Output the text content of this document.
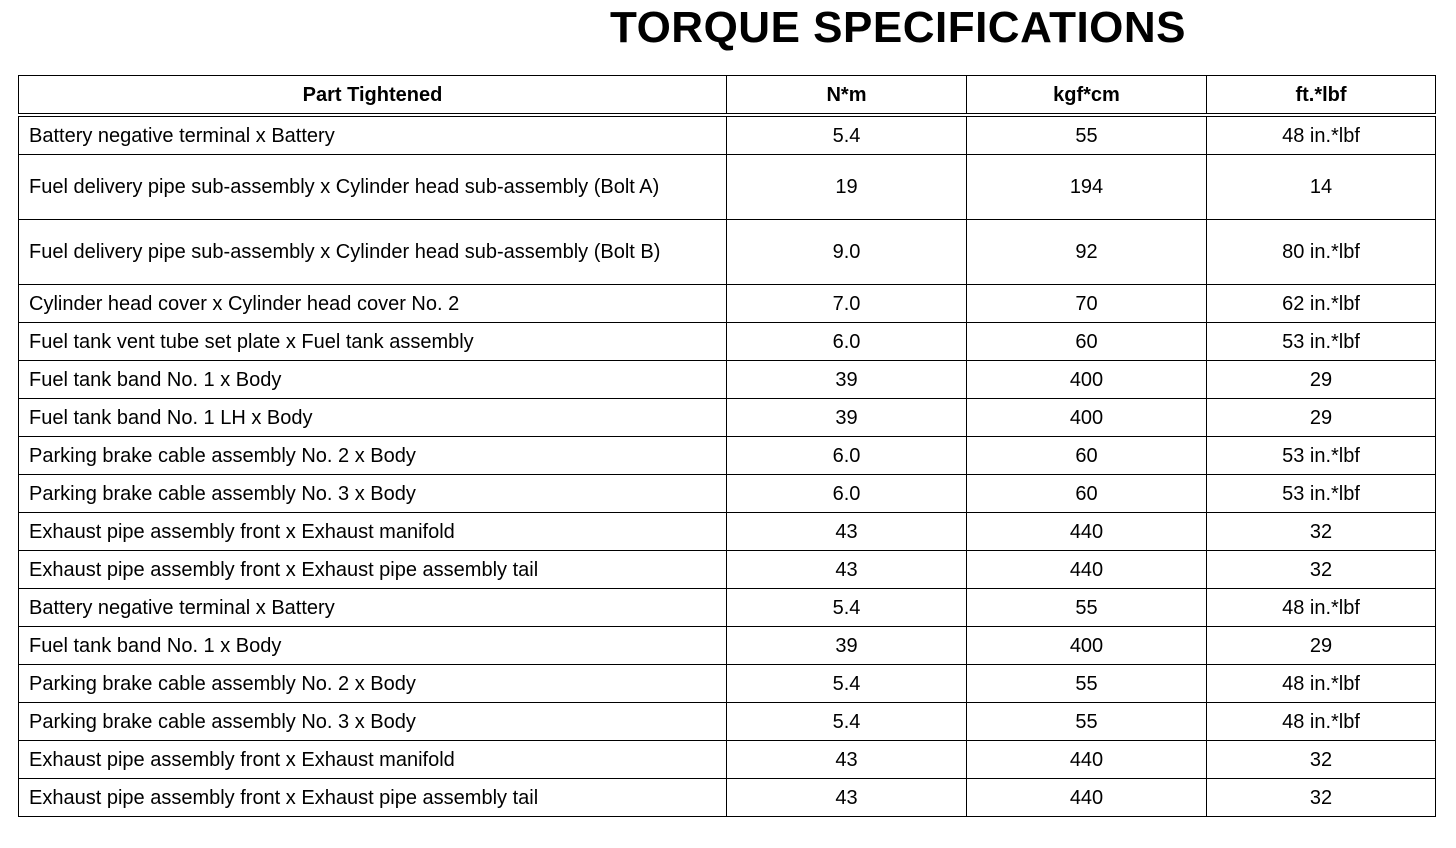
TORQUE SPECIFICATIONS
Part Tightened	N*m	kgf*cm	ft.*lbf
Battery negative terminal x Battery	5.4	55	48 in.*lbf
Fuel delivery pipe sub-assembly x Cylinder head sub-assembly (Bolt A)	19	194	14
Fuel delivery pipe sub-assembly x Cylinder head sub-assembly (Bolt B)	9.0	92	80 in.*lbf
Cylinder head cover x Cylinder head cover No. 2	7.0	70	62 in.*lbf
Fuel tank vent tube set plate x Fuel tank assembly	6.0	60	53 in.*lbf
Fuel tank band No. 1 x Body	39	400	29
Fuel tank band No. 1 LH x Body	39	400	29
Parking brake cable assembly No. 2 x Body	6.0	60	53 in.*lbf
Parking brake cable assembly No. 3 x Body	6.0	60	53 in.*lbf
Exhaust pipe assembly front x Exhaust manifold	43	440	32
Exhaust pipe assembly front x Exhaust pipe assembly tail	43	440	32
Battery negative terminal x Battery	5.4	55	48 in.*lbf
Fuel tank band No. 1 x Body	39	400	29
Parking brake cable assembly No. 2 x Body	5.4	55	48 in.*lbf
Parking brake cable assembly No. 3 x Body	5.4	55	48 in.*lbf
Exhaust pipe assembly front x Exhaust manifold	43	440	32
Exhaust pipe assembly front x Exhaust pipe assembly tail	43	440	32
